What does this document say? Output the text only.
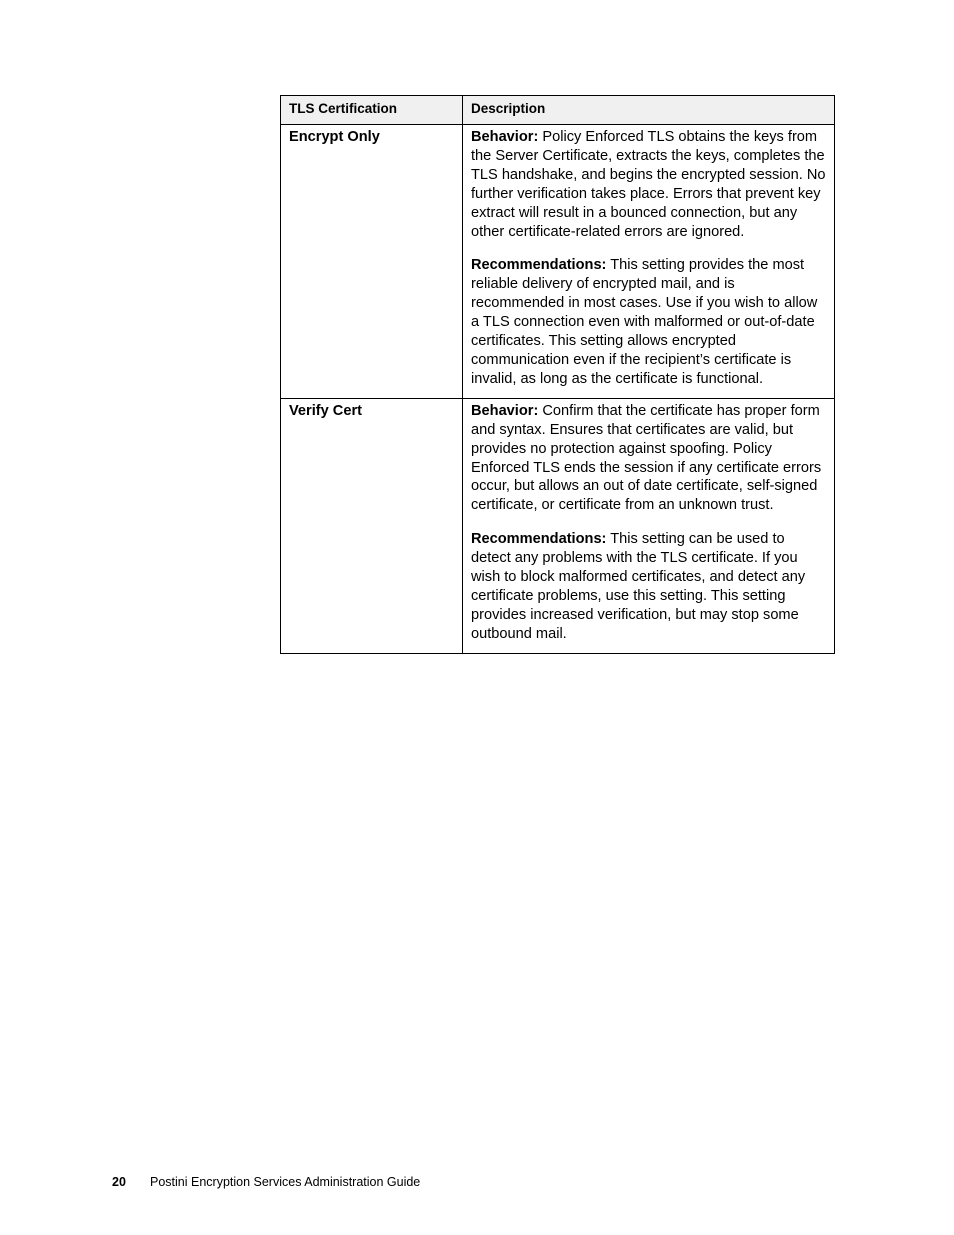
TLS Certification	Description
Encrypt Only	Behavior: Policy Enforced TLS obtains the keys from the Server Certificate, extracts the keys, completes the TLS handshake, and begins the encrypted session. No further verification takes place. Errors that prevent key extract will result in a bounced connection, but any other certificate-related errors are ignored.

Recommendations: This setting provides the most reliable delivery of encrypted mail, and is recommended in most cases. Use if you wish to allow a TLS connection even with malformed or out-of-date certificates. This setting allows encrypted communication even if the recipient’s certificate is invalid, as long as the certificate is functional.

Verify Cert	Behavior: Confirm that the certificate has proper form and syntax. Ensures that certificates are valid, but provides no protection against spoofing. Policy Enforced TLS ends the session if any certificate errors occur, but allows an out of date certificate, self-signed certificate, or certificate from an unknown trust.

Recommendations: This setting can be used to detect any problems with the TLS certificate. If you wish to block malformed certificates, and detect any certificate problems, use this setting. This setting provides increased verification, but may stop some outbound mail.

20 Postini Encryption Services Administration Guide
